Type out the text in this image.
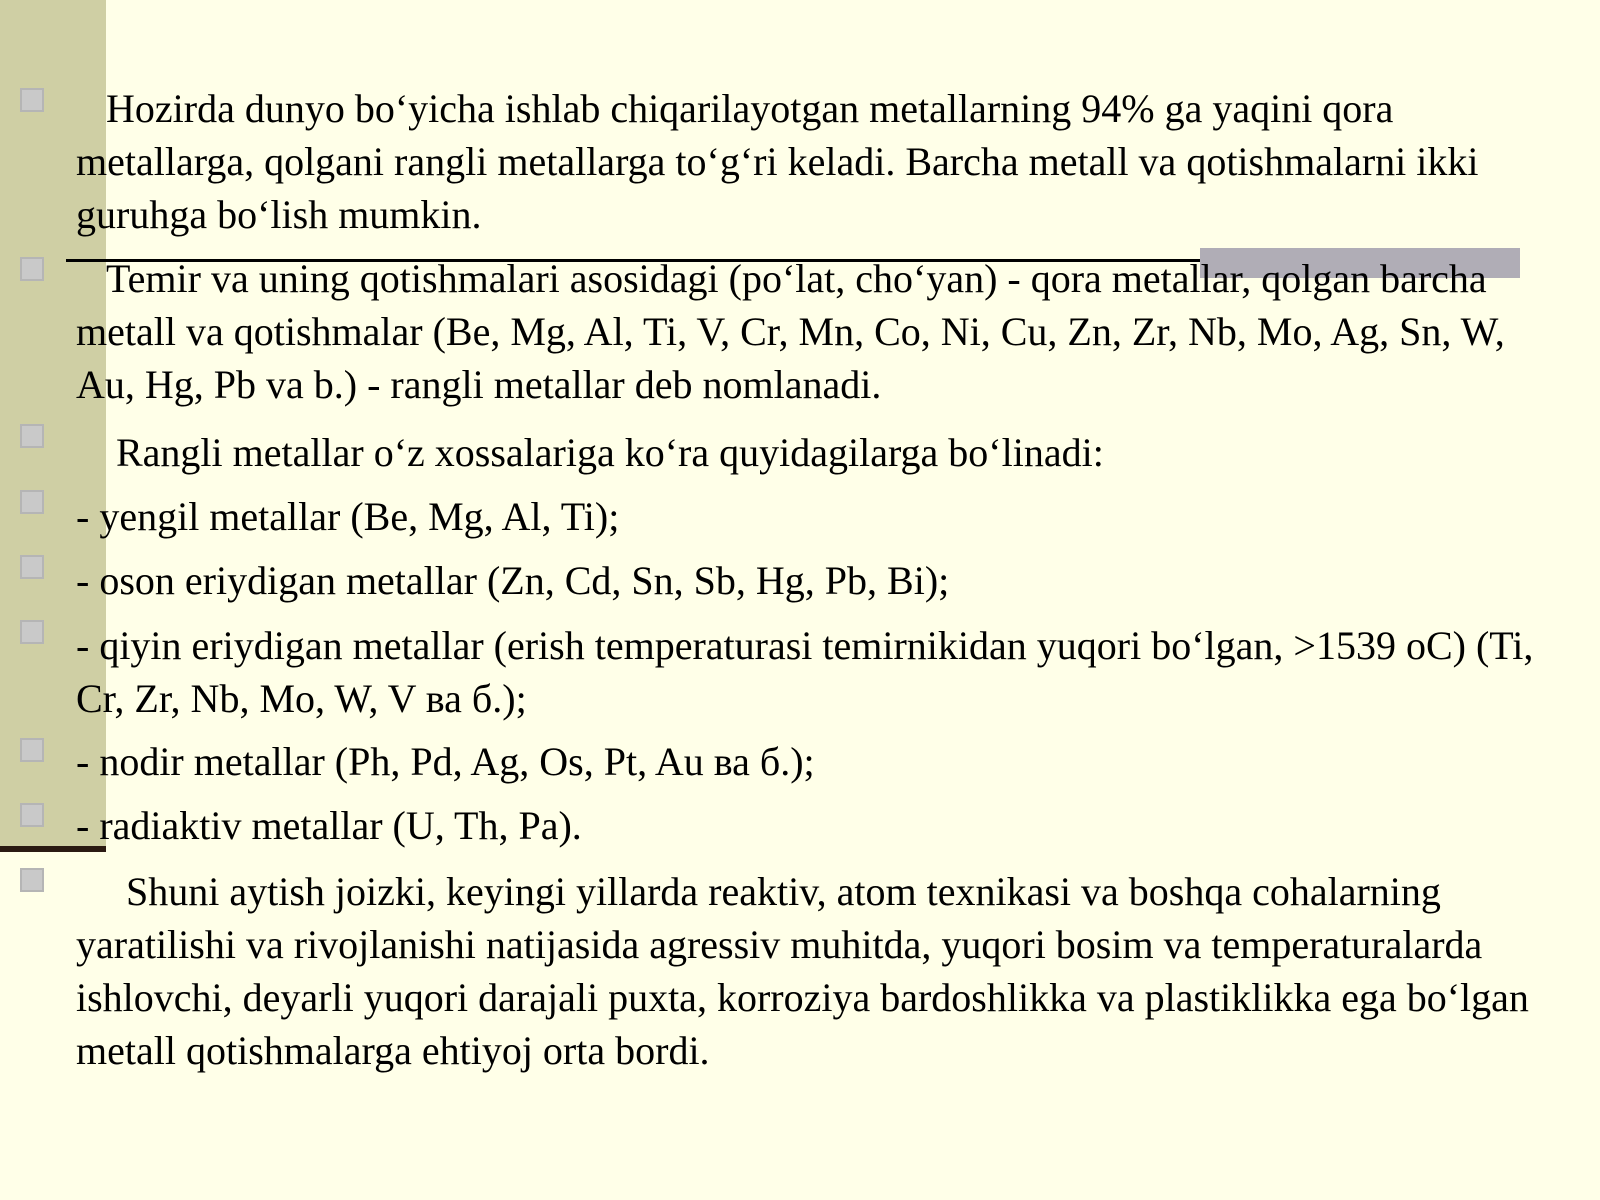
Hozirda dunyo bo‘yicha ishlab chiqarilayotgan metallarning 94% ga yaqini qora metallarga, qolgani rangli metallarga to‘g‘ri keladi. Barcha metall va qotishmalarni ikki guruhga bo‘lish mumkin.

Temir va uning qotishmalari asosidagi (po‘lat, cho‘yan) - qora metallar, qolgan barcha metall va qotishmalar (Be, Mg, Al, Ti, V, Cr, Mn, Co, Ni, Cu, Zn, Zr, Nb, Mo, Ag, Sn, W, Au, Hg, Pb va b.) - rangli metallar deb nomlanadi.

Rangli metallar o‘z xossalariga ko‘ra quyidagilarga bo‘linadi:

- yengil metallar (Be, Mg, Al, Ti);

- oson eriydigan metallar (Zn, Cd, Sn, Sb, Hg, Pb, Bi);

- qiyin eriydigan metallar (erish temperaturasi temirnikidan yuqori bo‘lgan, >1539 oC) (Ti, Cr, Zr, Nb, Mo, W, V ва б.);

- nodir metallar (Ph, Pd, Ag, Os, Pt, Au ва б.);

- radiaktiv metallar (U, Th, Pa).

Shuni aytish joizki, keyingi yillarda reaktiv, atom texnikasi va boshqa cohalarning yaratilishi va rivojlanishi natijasida agressiv muhitda, yuqori bosim va temperaturalarda ishlovchi, deyarli yuqori darajali puxta, korroziya bardoshlikka va plastiklikka ega bo‘lgan metall qotishmalarga ehtiyoj orta bordi.
